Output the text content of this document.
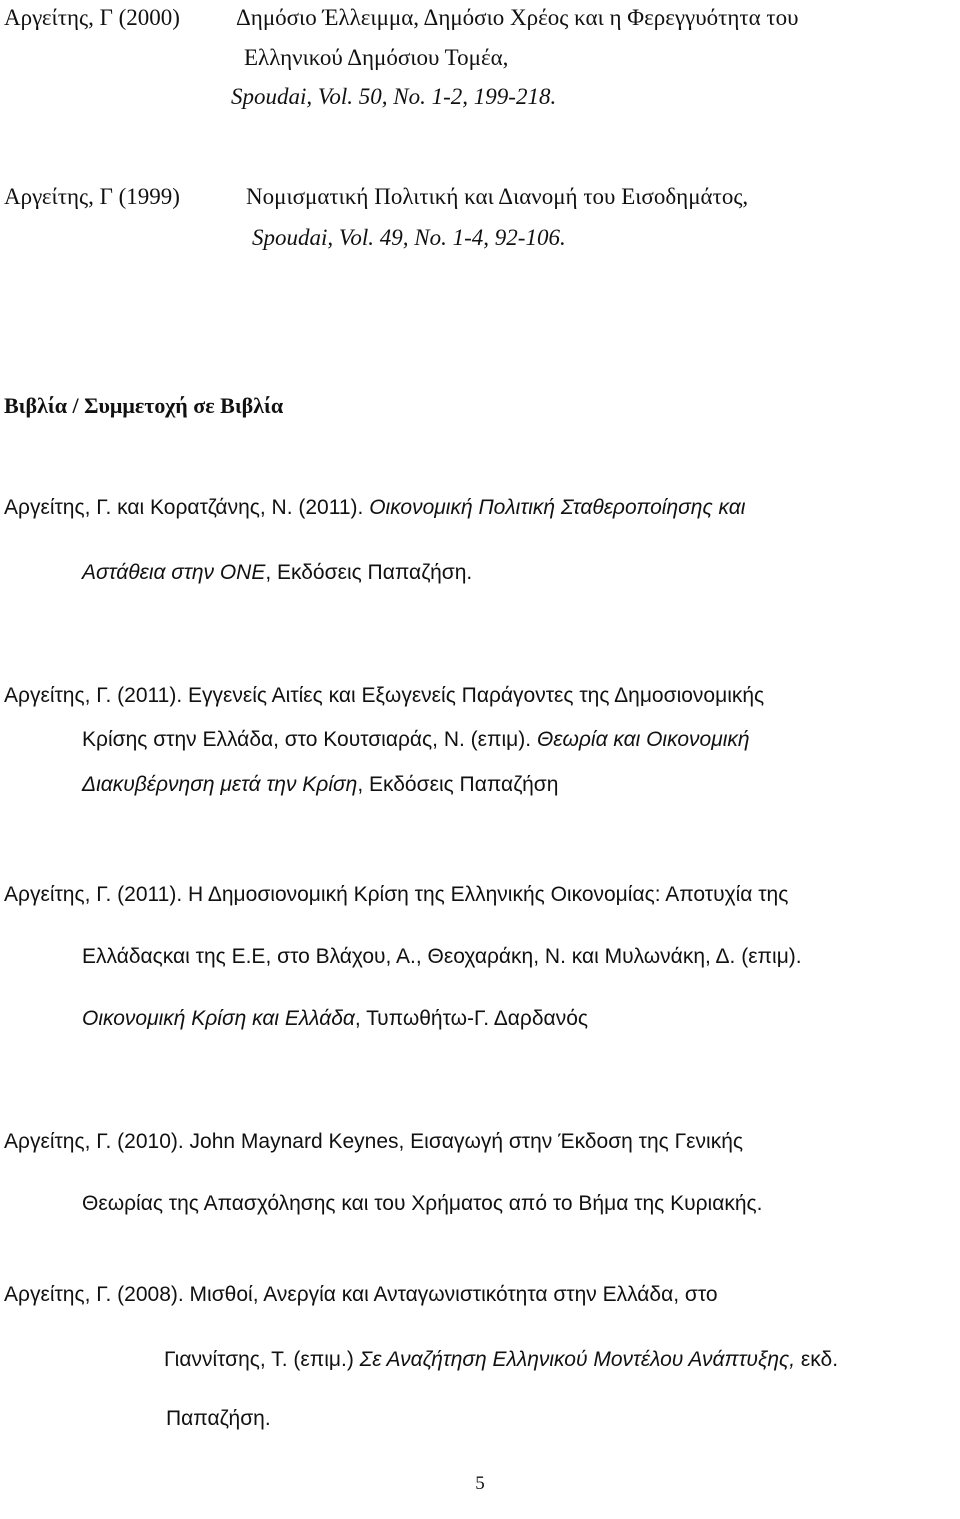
Αργείτης, Γ (2000) Δημόσιο Έλλειμμα, Δημόσιο Χρέος και η Φερεγγυότητα του
Ελληνικού Δημόσιου Τομέα,
Spoudai, Vol. 50, No. 1-2, 199-218.
Αργείτης, Γ (1999)	Νομισματική Πολιτική και Διανομή του Εισοδημάτος,
Spoudai, Vol. 49, No. 1-4, 92-106.
Βιβλία / Συμμετοχή σε Βιβλία
Αργείτης, Γ. και Κορατζάνης, Ν. (2011). Οικονομική Πολιτική Σταθεροποίησης και
Αστάθεια στην ΟΝΕ, Εκδόσεις Παπαζήση.
Αργείτης, Γ. (2011). Εγγενείς Αιτίες και Εξωγενείς Παράγοντες της Δημοσιονομικής
Κρίσης στην Ελλάδα, στο Κουτσιαράς, Ν. (επιμ). Θεωρία και Οικονομική
Διακυβέρνηση μετά την Κρίση, Εκδόσεις Παπαζήση
Αργείτης, Γ. (2011). Η Δημοσιονομική Κρίση της Ελληνικής Οικονομίας: Αποτυχία της
Ελλάδαςκαι της Ε.Ε, στο Βλάχου, Α., Θεοχαράκη, Ν. και Μυλωνάκη, Δ. (επιμ).
Οικονομική Κρίση και Ελλάδα, Τυπωθήτω-Γ. Δαρδανός
Αργείτης, Γ. (2010). John Maynard Keynes, Εισαγωγή στην Έκδοση της Γενικής
Θεωρίας της Απασχόλησης και του Χρήματος από το Βήμα της Κυριακής.
Αργείτης, Γ. (2008). Μισθοί, Ανεργία και Ανταγωνιστικότητα στην Ελλάδα, στο
Γιαννίτσης, Τ. (επιμ.) Σε Αναζήτηση Ελληνικού Μοντέλου Ανάπτυξης, εκδ.
Παπαζήση.
5
